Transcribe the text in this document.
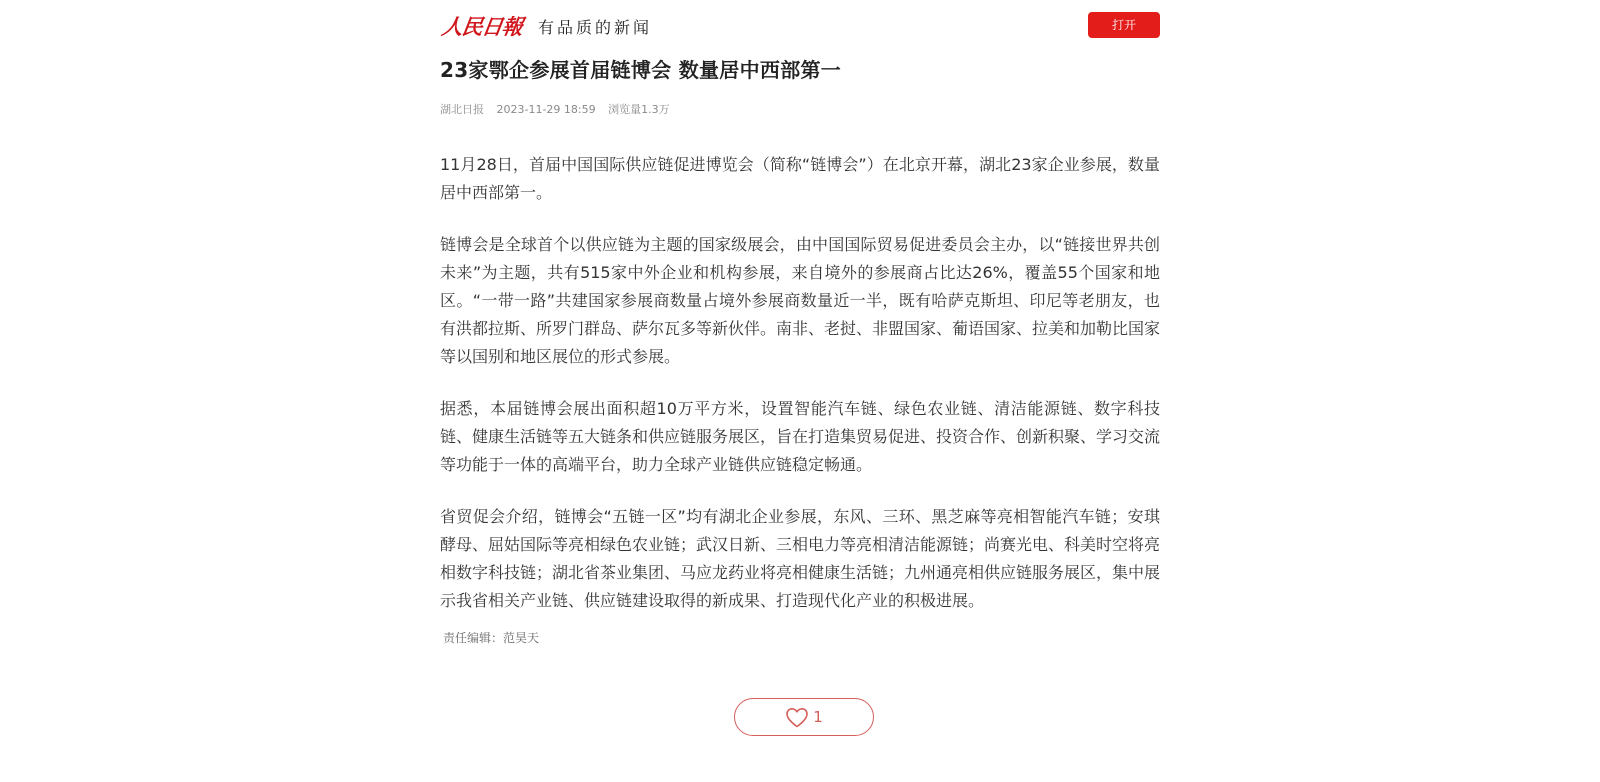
人民日報 有品质的新闻	打开
23家鄂企参展首届链博会 数量居中西部第一
湖北日报 2023-11-29 18:59 浏览量1.3万

11月28日，首届中国国际供应链促进博览会（简称“链博会”）在北京开幕，湖北23家企业参展，数量居中西部第一。

链博会是全球首个以供应链为主题的国家级展会，由中国国际贸易促进委员会主办，以“链接世界共创未来”为主题，共有515家中外企业和机构参展，来自境外的参展商占比达26%，覆盖55个国家和地区。“一带一路”共建国家参展商数量占境外参展商数量近一半，既有哈萨克斯坦、印尼等老朋友，也有洪都拉斯、所罗门群岛、萨尔瓦多等新伙伴。南非、老挝、非盟国家、葡语国家、拉美和加勒比国家等以国别和地区展位的形式参展。

据悉，本届链博会展出面积超10万平方米，设置智能汽车链、绿色农业链、清洁能源链、数字科技链、健康生活链等五大链条和供应链服务展区，旨在打造集贸易促进、投资合作、创新积聚、学习交流等功能于一体的高端平台，助力全球产业链供应链稳定畅通。

省贸促会介绍，链博会“五链一区”均有湖北企业参展，东风、三环、黑芝麻等亮相智能汽车链；安琪酵母、屈姑国际等亮相绿色农业链；武汉日新、三相电力等亮相清洁能源链；尚赛光电、科美时空将亮相数字科技链；湖北省茶业集团、马应龙药业将亮相健康生活链；九州通亮相供应链服务展区，集中展示我省相关产业链、供应链建设取得的新成果、打造现代化产业的积极进展。

责任编辑：范昊天
1
